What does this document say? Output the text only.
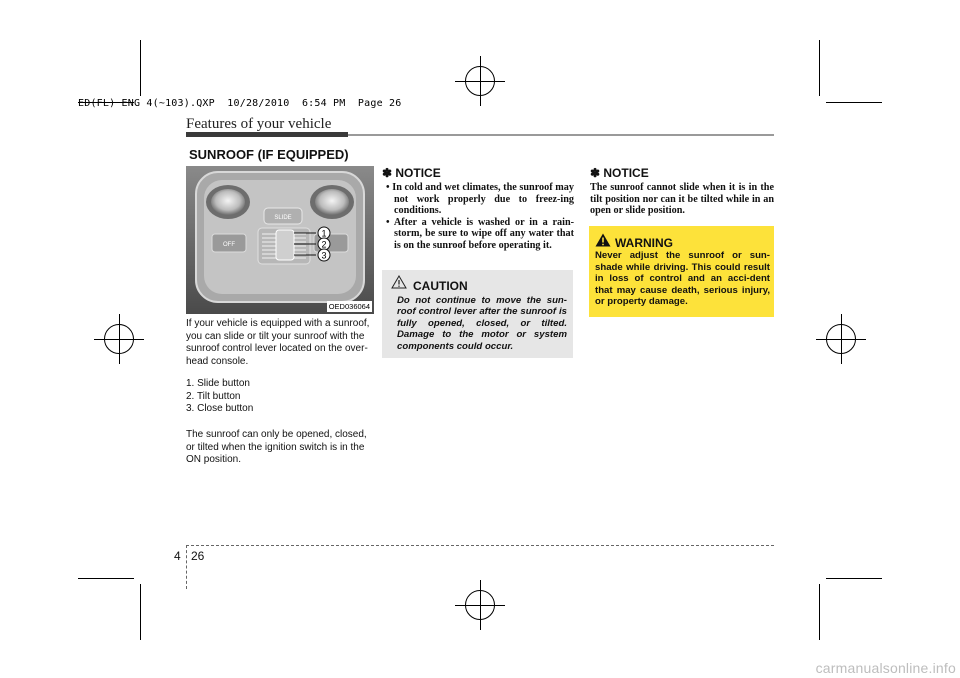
ED(FL) ENG 4(~103).QXP  10/28/2010  6:54 PM  Page 26
Features of your vehicle
SUNROOF (IF EQUIPPED)
SLIDE
OFF
1
2
3
OED036064
If your vehicle is equipped with a sunroof, you can slide or tilt your sunroof with the sunroof control lever located on the over-head console.
1. Slide button
2. Tilt button
3. Close button
The sunroof can only be opened, closed, or tilted when the ignition switch is in the ON position.
✽ NOTICE
• In cold and wet climates, the sunroof may not work properly due to freez-ing conditions.
• After a vehicle is washed or in a rain-storm, be sure to wipe off any water that is on the sunroof before operating it.
CAUTION
Do not continue to move the sun-roof control lever after the sunroof is fully opened, closed, or tilted. Damage to the motor or system components could occur.
✽ NOTICE
The sunroof cannot slide when it is in the tilt position nor can it be tilted while in an open or slide position.
WARNING
Never adjust the sunroof or sun-shade while driving. This could result in loss of control and an acci-dent that may cause death, serious injury, or property damage.
4 26
carmanualsonline.info
